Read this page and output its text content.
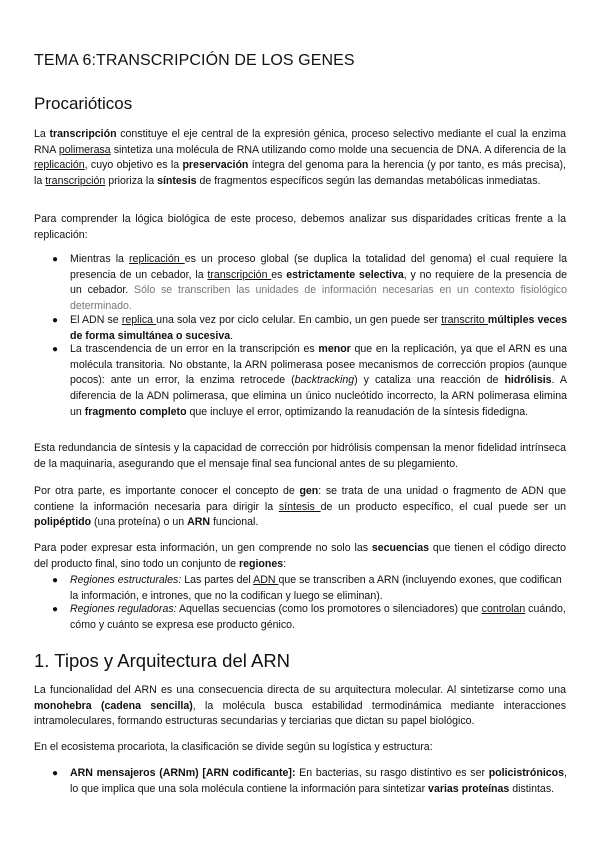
TEMA 6:TRANSCRIPCIÓN DE LOS GENES
Procarióticos
La transcripción constituye el eje central de la expresión génica, proceso selectivo mediante el cual la enzima RNA polimerasa sintetiza una molécula de RNA utilizando como molde una secuencia de DNA. A diferencia de la replicación, cuyo objetivo es la preservación íntegra del genoma para la herencia (y por tanto, es más precisa), la transcripción prioriza la síntesis de fragmentos específicos según las demandas metabólicas inmediatas.
Para comprender la lógica biológica de este proceso, debemos analizar sus disparidades críticas frente a la replicación:
● Mientras la replicación es un proceso global (se duplica la totalidad del genoma) el cual requiere la presencia de un cebador, la transcripción es estrictamente selectiva, y no requiere de la presencia de un cebador. Sólo se transcriben las unidades de información necesarias en un contexto fisiológico determinado.
● El ADN se replica una sola vez por ciclo celular. En cambio, un gen puede ser transcrito múltiples veces de forma simultánea o sucesiva.
● La trascendencia de un error en la transcripción es menor que en la replicación, ya que el ARN es una molécula transitoria. No obstante, la ARN polimerasa posee mecanismos de corrección propios (aunque pocos): ante un error, la enzima retrocede (backtracking) y cataliza una reacción de hidrólisis. A diferencia de la ADN polimerasa, que elimina un único nucleótido incorrecto, la ARN polimerasa elimina un fragmento completo que incluye el error, optimizando la reanudación de la síntesis fidedigna.
Esta redundancia de síntesis y la capacidad de corrección por hidrólisis compensan la menor fidelidad intrínseca de la maquinaria, asegurando que el mensaje final sea funcional antes de su plegamiento.
Por otra parte, es importante conocer el concepto de gen: se trata de una unidad o fragmento de ADN que contiene la información necesaria para dirigir la síntesis de un producto específico, el cual puede ser un polipéptido (una proteína) o un ARN funcional.
Para poder expresar esta información, un gen comprende no solo las secuencias que tienen el código directo del producto final, sino todo un conjunto de regiones:
● Regiones estructurales: Las partes del ADN que se transcriben a ARN (incluyendo exones, que codifican la información, e intrones, que no la codifican y luego se eliminan).
● Regiones reguladoras: Aquellas secuencias (como los promotores o silenciadores) que controlan cuándo, cómo y cuánto se expresa ese producto génico.
1. Tipos y Arquitectura del ARN
La funcionalidad del ARN es una consecuencia directa de su arquitectura molecular. Al sintetizarse como una monohebra (cadena sencilla), la molécula busca estabilidad termodinámica mediante interacciones intramoleculares, formando estructuras secundarias y terciarias que dictan su papel biológico.
En el ecosistema procariota, la clasificación se divide según su logística y estructura:
● ARN mensajeros (ARNm) [ARN codificante]: En bacterias, su rasgo distintivo es ser policistrónicos, lo que implica que una sola molécula contiene la información para sintetizar varias proteínas distintas.
